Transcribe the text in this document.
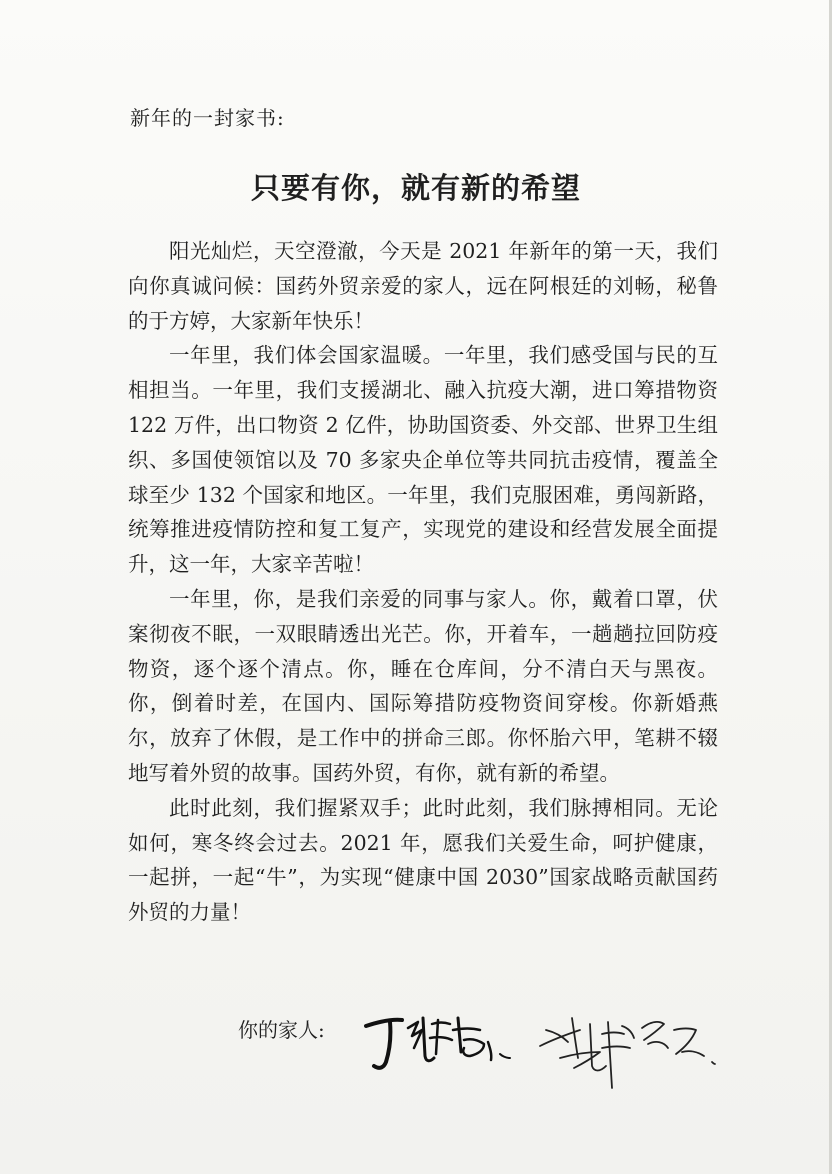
新年的一封家书:
只要有你，就有新的希望

阳光灿烂，天空澄澈，今天是 2021 年新年的第一天，我们向你真诚问候：国药外贸亲爱的家人，远在阿根廷的刘畅，秘鲁的于方婷，大家新年快乐！

一年里，我们体会国家温暖。一年里，我们感受国与民的互相担当。一年里，我们支援湖北、融入抗疫大潮，进口筹措物资 122 万件，出口物资 2 亿件，协助国资委、外交部、世界卫生组织、多国使领馆以及 70 多家央企单位等共同抗击疫情，覆盖全球至少 132 个国家和地区。一年里，我们克服困难，勇闯新路，统筹推进疫情防控和复工复产，实现党的建设和经营发展全面提升，这一年，大家辛苦啦！

一年里，你，是我们亲爱的同事与家人。你，戴着口罩，伏案彻夜不眠，一双眼睛透出光芒。你，开着车，一趟趟拉回防疫物资，逐个逐个清点。你，睡在仓库间，分不清白天与黑夜。你，倒着时差，在国内、国际筹措防疫物资间穿梭。你新婚燕尔，放弃了休假，是工作中的拼命三郎。你怀胎六甲，笔耕不辍地写着外贸的故事。国药外贸，有你，就有新的希望。

此时此刻，我们握紧双手；此时此刻，我们脉搏相同。无论如何，寒冬终会过去。2021 年，愿我们关爱生命，呵护健康，一起拼，一起“牛”，为实现“健康中国 2030”国家战略贡献国药外贸的力量！

你的家人:
